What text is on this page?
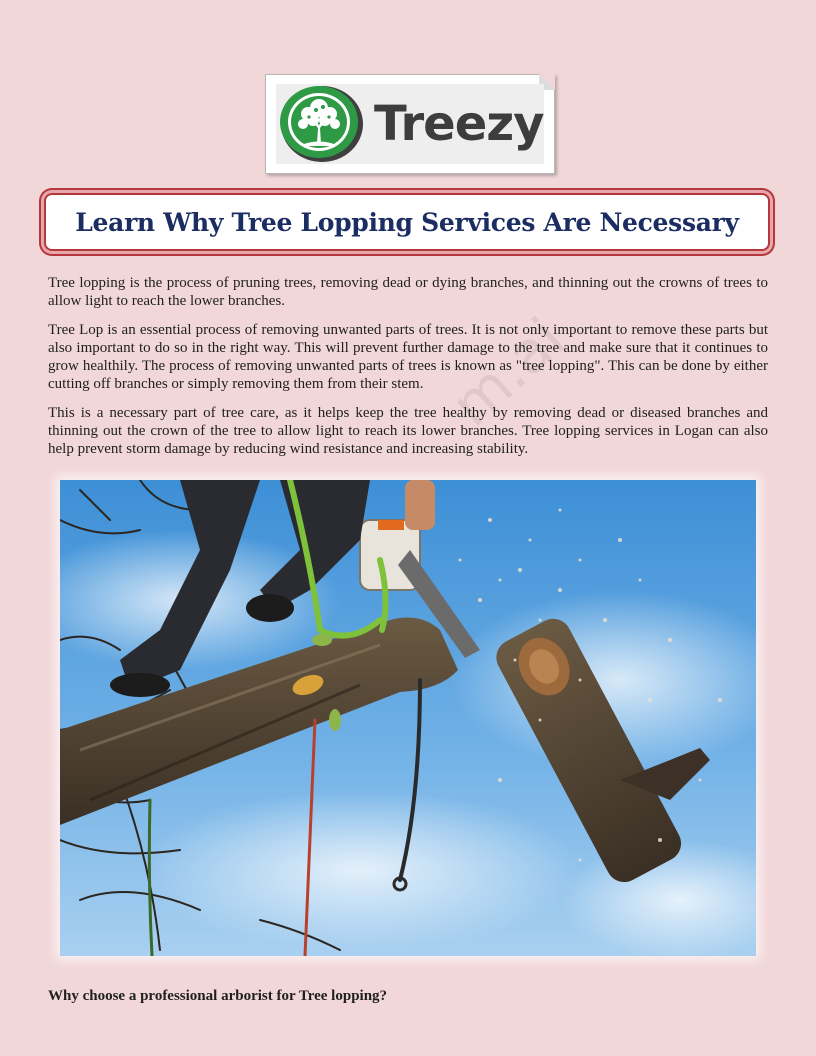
Treezy
Learn Why Tree Lopping Services Are Necessary

Tree lopping is the process of pruning trees, removing dead or dying branches, and thinning out the crowns of trees to allow light to reach the lower branches.

Tree Lop is an essential process of removing unwanted parts of trees. It is not only important to remove these parts but also important to do so in the right way. This will prevent further damage to the tree and make sure that it continues to grow healthily. The process of removing unwanted parts of trees is known as "tree lopping". This can be done by either cutting off branches or simply removing them from their stem.

This is a necessary part of tree care, as it helps keep the tree healthy by removing dead or diseased branches and thinning out the crown of the tree to allow light to reach its lower branches. Tree lopping services in Logan can also help prevent storm damage by reducing wind resistance and increasing stability.

m.ai
Why choose a professional arborist for Tree lopping?
